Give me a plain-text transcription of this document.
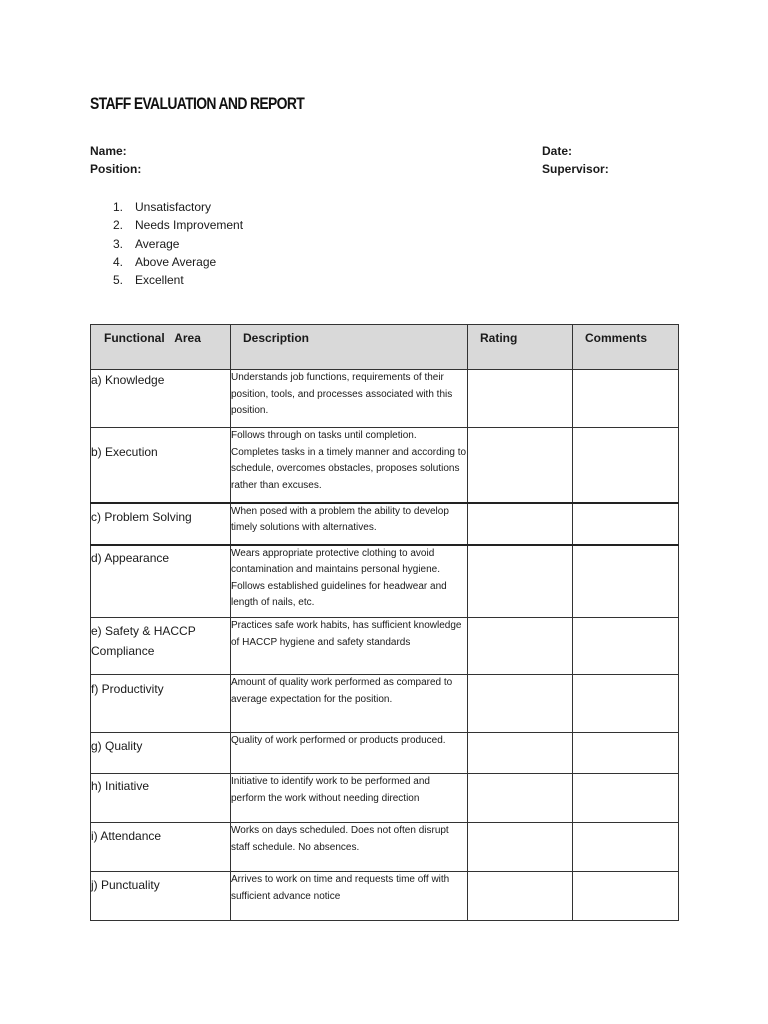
STAFF EVALUATION AND REPORT
Name:
Position:
Date:
Supervisor:
1. Unsatisfactory
2. Needs Improvement
3. Average
4. Above Average
5. Excellent
Functional   Area	Description	Rating	Comments
a) Knowledge	Understands job functions, requirements of their position, tools, and processes associated with this position.		
b) Execution	Follows through on tasks until completion. Completes tasks in a timely manner and according to schedule, overcomes obstacles, proposes solutions rather than excuses.		
c) Problem Solving	When posed with a problem the ability to develop timely solutions with alternatives.		
d) Appearance	Wears appropriate protective clothing to avoid contamination and maintains personal hygiene. Follows established guidelines for headwear and length of nails, etc.		
e) Safety & HACCP Compliance	Practices safe work habits, has sufficient knowledge of HACCP hygiene and safety standards		
f) Productivity	Amount of quality work performed as compared to average expectation for the position.		
g) Quality	Quality of work performed or products produced.		
h) Initiative	Initiative to identify work to be performed and perform the work without needing direction		
i) Attendance	Works on days scheduled. Does not often disrupt staff schedule. No absences.		
j) Punctuality	Arrives to work on time and requests time off with sufficient advance notice		
